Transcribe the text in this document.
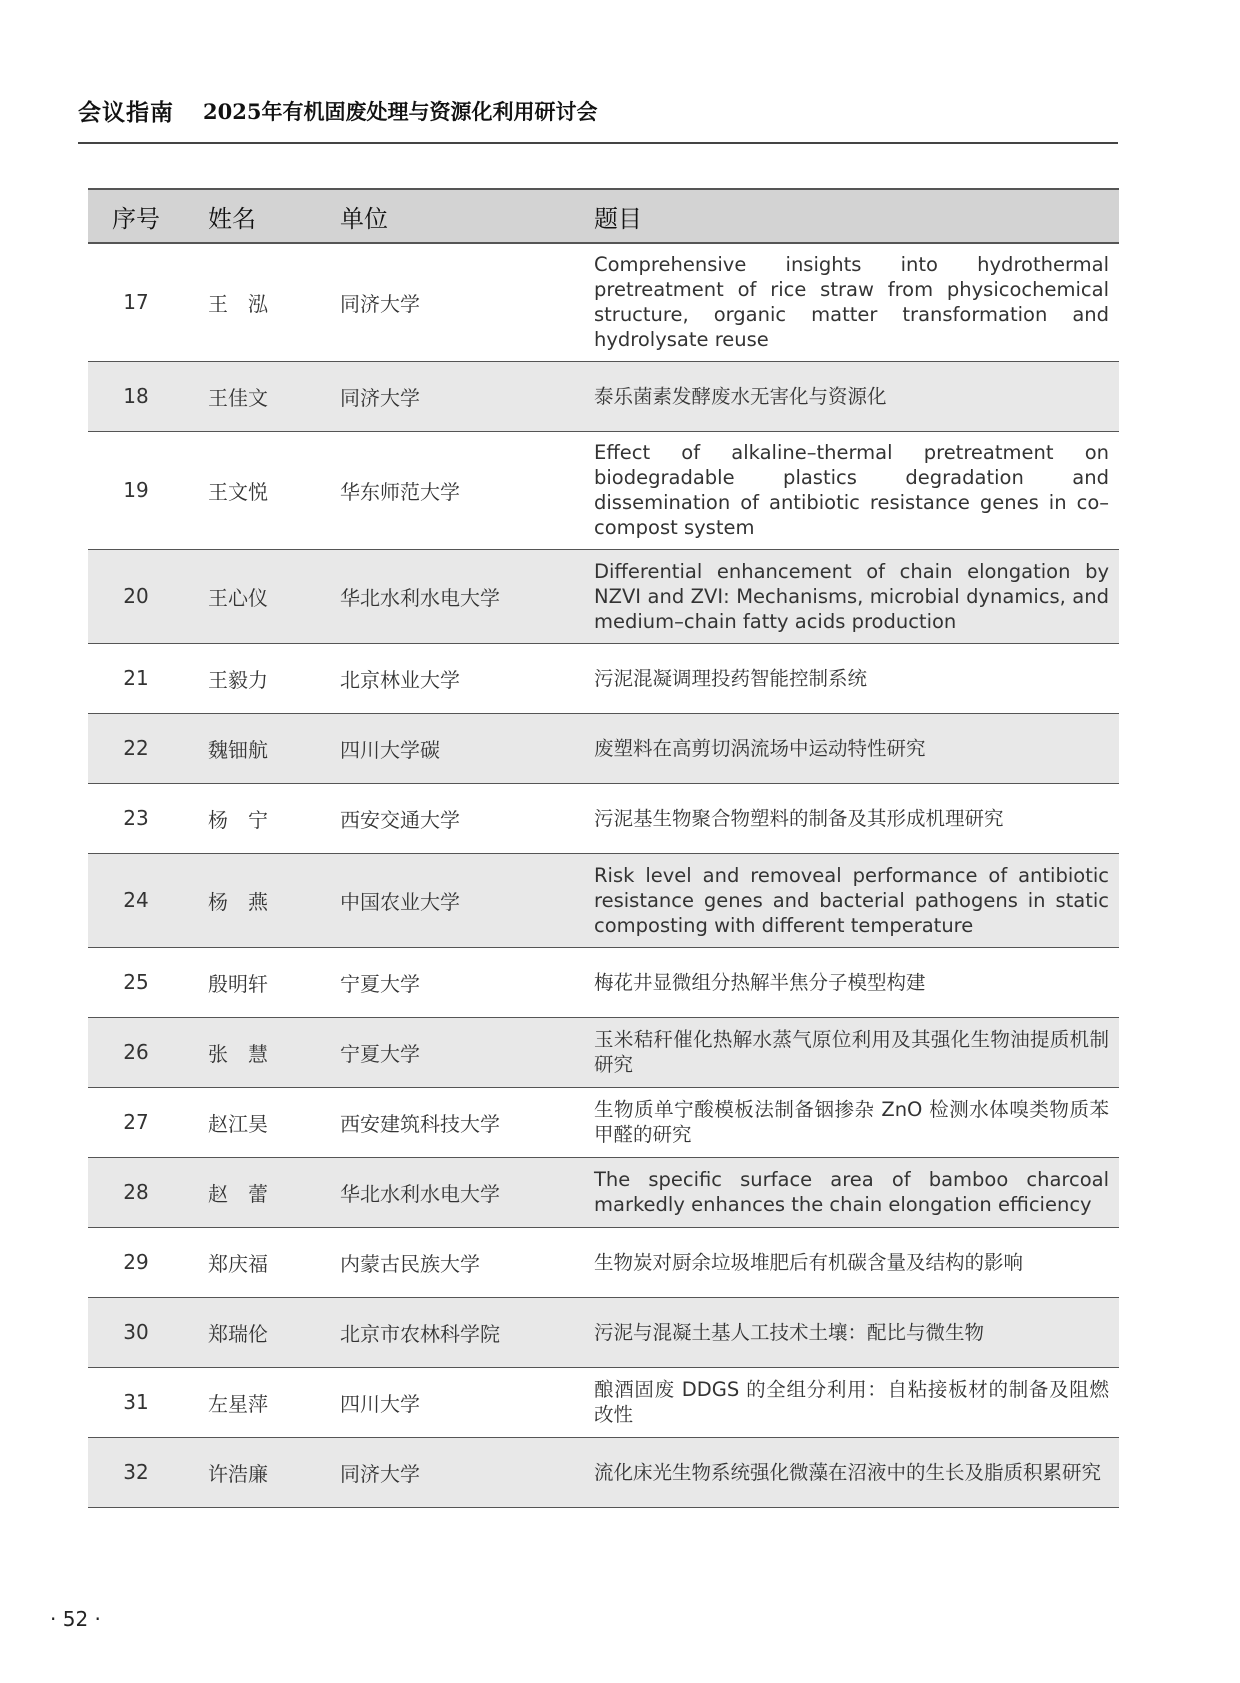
会议指南 2025年有机固废处理与资源化利用研讨会
序号	姓名	单位	题目
17	王　泓	同济大学	Comprehensive insights into hydrothermal pretreatment of rice straw from physicochemical structure, organic matter transformation and hydrolysate reuse
18	王佳文	同济大学	泰乐菌素发酵废水无害化与资源化
19	王文悦	华东师范大学	Effect of alkaline–thermal pretreatment on biodegradable plastics degradation and dissemination of antibiotic resistance genes in co–compost system
20	王心仪	华北水利水电大学	Differential enhancement of chain elongation by NZVI and ZVI: Mechanisms, microbial dynamics, and medium–chain fatty acids production
21	王毅力	北京林业大学	污泥混凝调理投药智能控制系统
22	魏钿航	四川大学碳	废塑料在高剪切涡流场中运动特性研究
23	杨　宁	西安交通大学	污泥基生物聚合物塑料的制备及其形成机理研究
24	杨　燕	中国农业大学	Risk level and removeal performance of antibiotic resistance genes and bacterial pathogens in static composting with different temperature
25	殷明轩	宁夏大学	梅花井显微组分热解半焦分子模型构建
26	张　慧	宁夏大学	玉米秸秆催化热解水蒸气原位利用及其强化生物油提质机制研究
27	赵江昊	西安建筑科技大学	生物质单宁酸模板法制备铟掺杂 ZnO 检测水体嗅类物质苯甲醛的研究
28	赵　蕾	华北水利水电大学	The specific surface area of bamboo charcoal markedly enhances the chain elongation efficiency
29	郑庆福	内蒙古民族大学	生物炭对厨余垃圾堆肥后有机碳含量及结构的影响
30	郑瑞伦	北京市农林科学院	污泥与混凝土基人工技术土壤：配比与微生物
31	左星萍	四川大学	酿酒固废 DDGS 的全组分利用：自粘接板材的制备及阻燃改性
32	许浩廉	同济大学	流化床光生物系统强化微藻在沼液中的生长及脂质积累研究
· 52 ·
